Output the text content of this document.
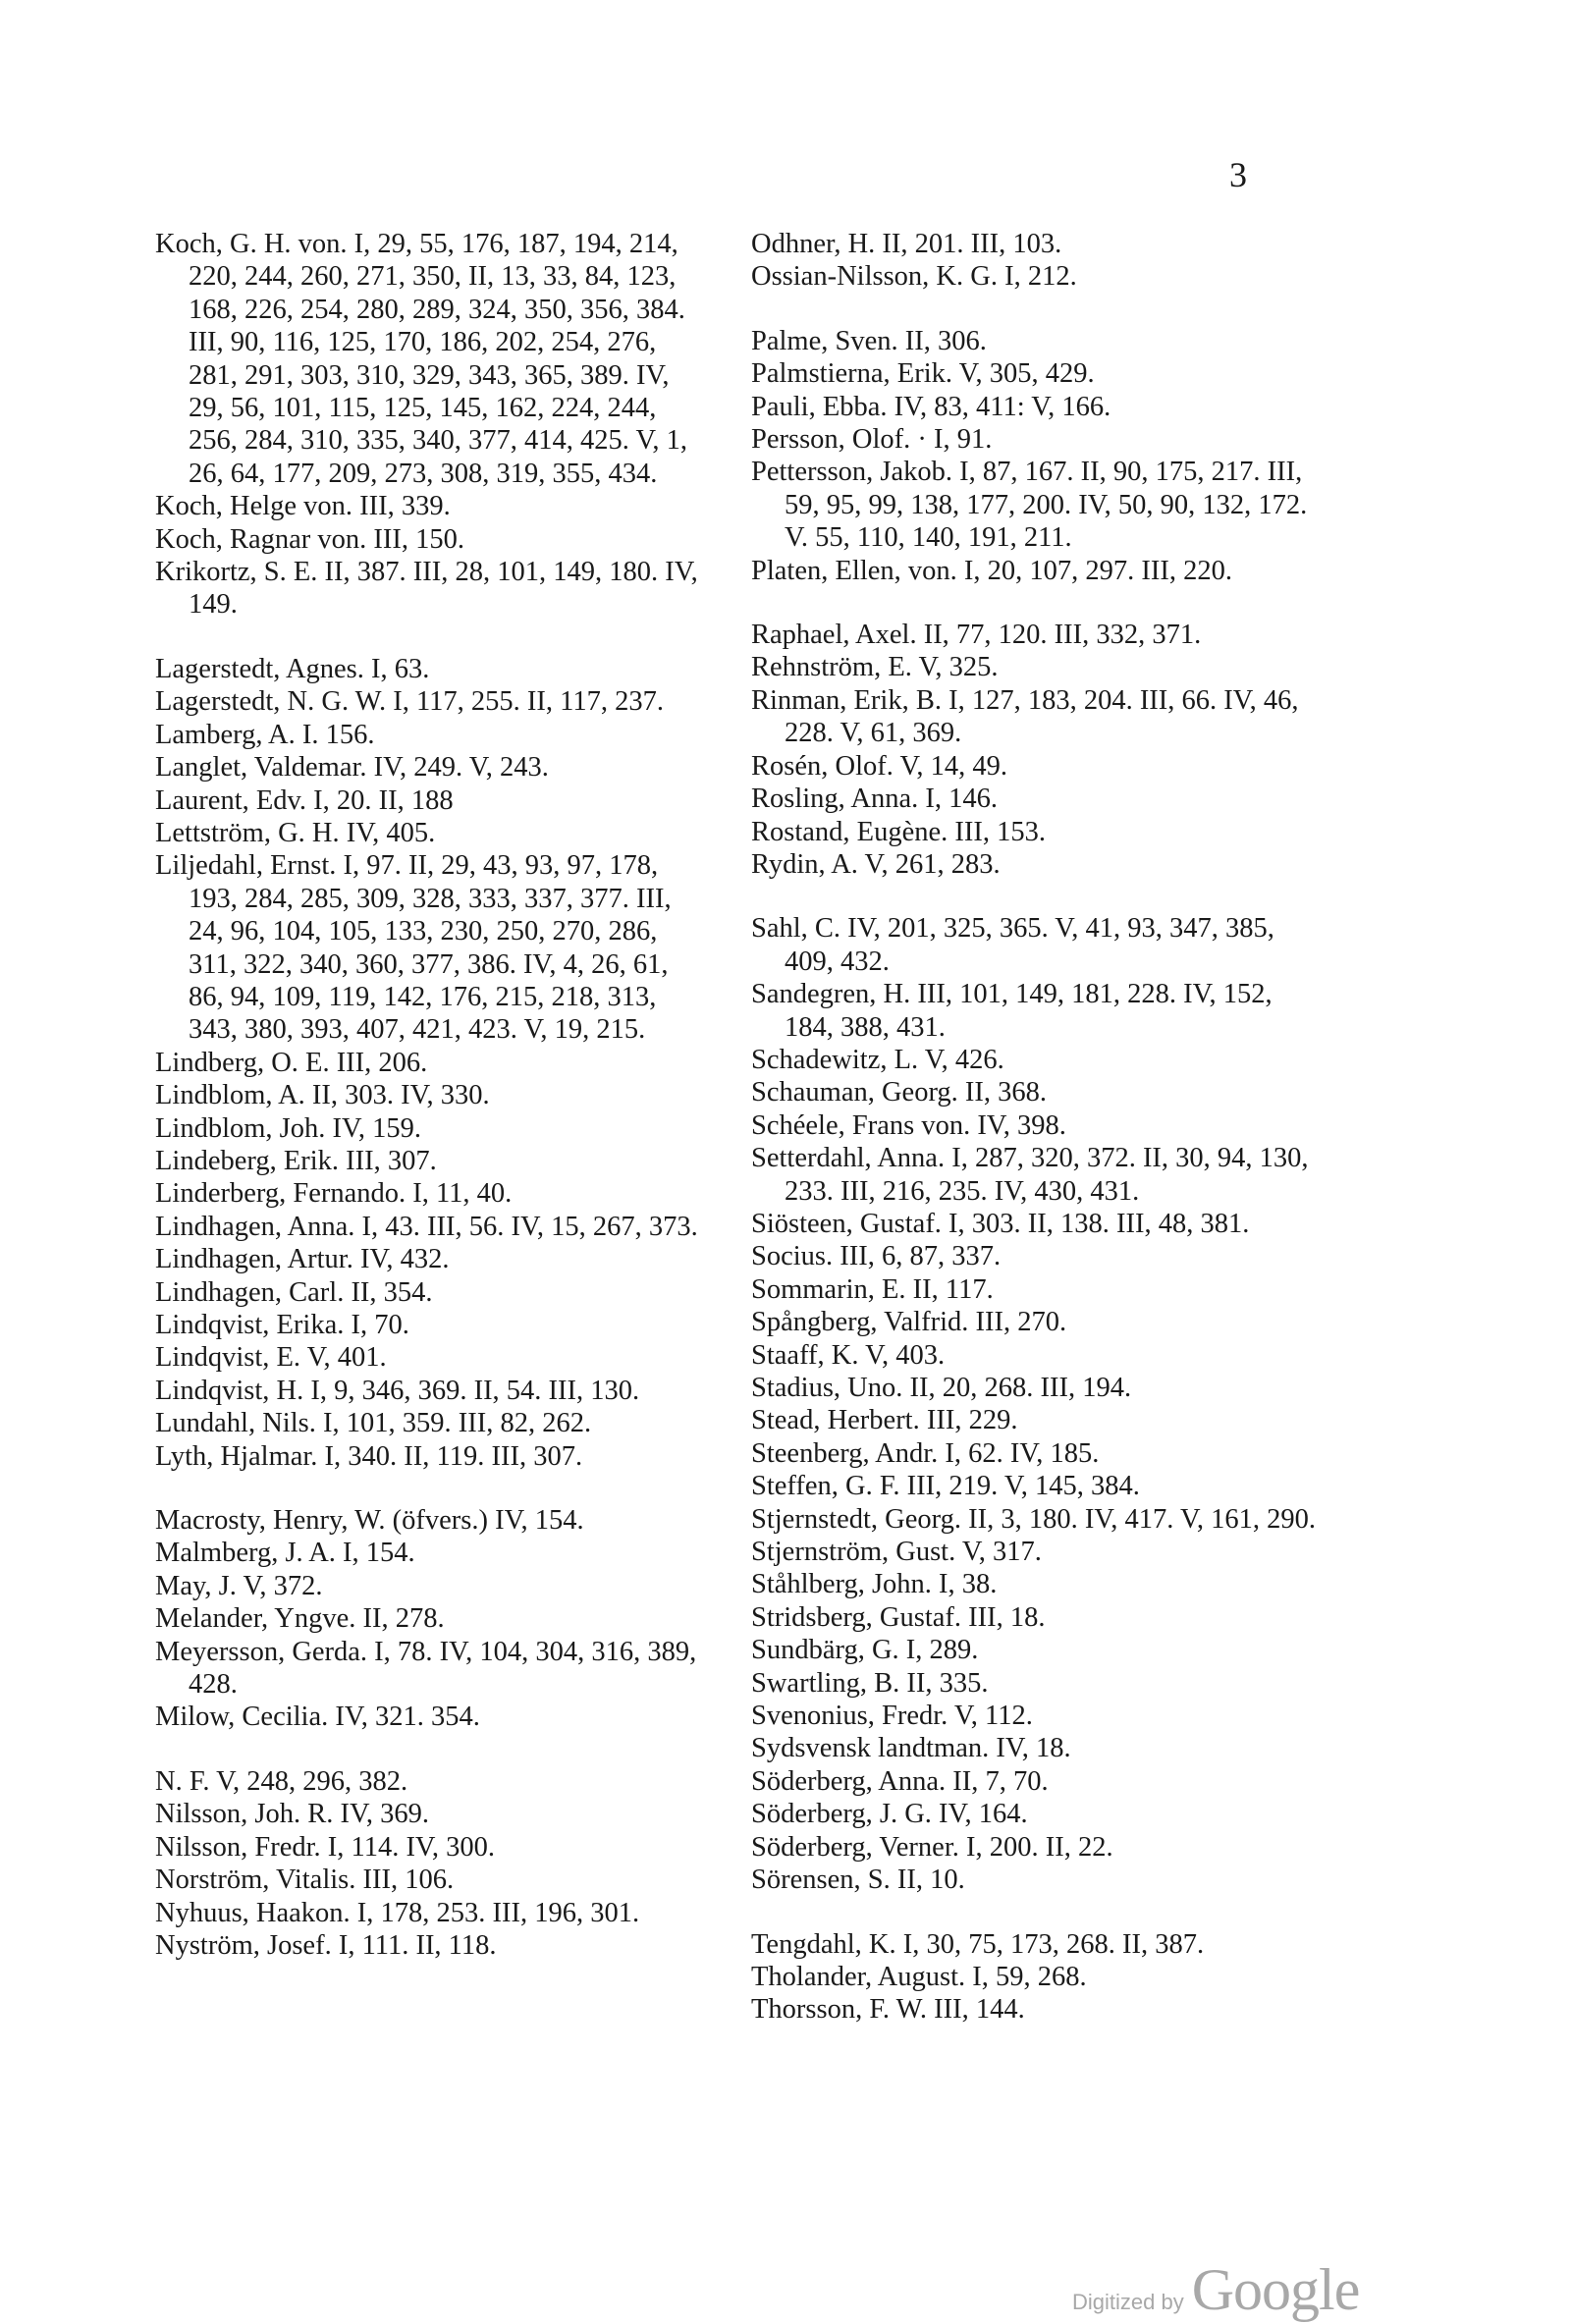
3

Koch, G. H. von. I, 29, 55, 176, 187, 194, 214, 220, 244, 260, 271, 350, II, 13, 33, 84, 123, 168, 226, 254, 280, 289, 324, 350, 356, 384. III, 90, 116, 125, 170, 186, 202, 254, 276, 281, 291, 303, 310, 329, 343, 365, 389. IV, 29, 56, 101, 115, 125, 145, 162, 224, 244, 256, 284, 310, 335, 340, 377, 414, 425. V, 1, 26, 64, 177, 209, 273, 308, 319, 355, 434.

Koch, Helge von. III, 339.

Koch, Ragnar von. III, 150.

Krikortz, S. E. II, 387. III, 28, 101, 149, 180. IV, 149.

Lagerstedt, Agnes. I, 63.

Lagerstedt, N. G. W. I, 117, 255. II, 117, 237.

Lamberg, A. I. 156.

Langlet, Valdemar. IV, 249. V, 243.

Laurent, Edv. I, 20. II, 188

Lettström, G. H. IV, 405.

Liljedahl, Ernst. I, 97. II, 29, 43, 93, 97, 178, 193, 284, 285, 309, 328, 333, 337, 377. III, 24, 96, 104, 105, 133, 230, 250, 270, 286, 311, 322, 340, 360, 377, 386. IV, 4, 26, 61, 86, 94, 109, 119, 142, 176, 215, 218, 313, 343, 380, 393, 407, 421, 423. V, 19, 215.

Lindberg, O. E. III, 206.

Lindblom, A. II, 303. IV, 330.

Lindblom, Joh. IV, 159.

Lindeberg, Erik. III, 307.

Linderberg, Fernando. I, 11, 40.

Lindhagen, Anna. I, 43. III, 56. IV, 15, 267, 373.

Lindhagen, Artur. IV, 432.

Lindhagen, Carl. II, 354.

Lindqvist, Erika. I, 70.

Lindqvist, E. V, 401.

Lindqvist, H. I, 9, 346, 369. II, 54. III, 130.

Lundahl, Nils. I, 101, 359. III, 82, 262.

Lyth, Hjalmar. I, 340. II, 119. III, 307.

Macrosty, Henry, W. (öfvers.) IV, 154.

Malmberg, J. A. I, 154.

May, J. V, 372.

Melander, Yngve. II, 278.

Meyersson, Gerda. I, 78. IV, 104, 304, 316, 389, 428.

Milow, Cecilia. IV, 321. 354.

N. F. V, 248, 296, 382.

Nilsson, Joh. R. IV, 369.

Nilsson, Fredr. I, 114. IV, 300.

Norström, Vitalis. III, 106.

Nyhuus, Haakon. I, 178, 253. III, 196, 301.

Nyström, Josef. I, 111. II, 118.

Odhner, H. II, 201. III, 103.

Ossian-Nilsson, K. G. I, 212.

Palme, Sven. II, 306.

Palmstierna, Erik. V, 305, 429.

Pauli, Ebba. IV, 83, 411: V, 166.

Persson, Olof. · I, 91.

Pettersson, Jakob. I, 87, 167. II, 90, 175, 217. III, 59, 95, 99, 138, 177, 200. IV, 50, 90, 132, 172. V. 55, 110, 140, 191, 211.

Platen, Ellen, von. I, 20, 107, 297. III, 220.

Raphael, Axel. II, 77, 120. III, 332, 371.

Rehnström, E. V, 325.

Rinman, Erik, B. I, 127, 183, 204. III, 66. IV, 46, 228. V, 61, 369.

Rosén, Olof. V, 14, 49.

Rosling, Anna. I, 146.

Rostand, Eugène. III, 153.

Rydin, A. V, 261, 283.

Sahl, C. IV, 201, 325, 365. V, 41, 93, 347, 385, 409, 432.

Sandegren, H. III, 101, 149, 181, 228. IV, 152, 184, 388, 431.

Schadewitz, L. V, 426.

Schauman, Georg. II, 368.

Schéele, Frans von. IV, 398.

Setterdahl, Anna. I, 287, 320, 372. II, 30, 94, 130, 233. III, 216, 235. IV, 430, 431.

Siösteen, Gustaf. I, 303. II, 138. III, 48, 381.

Socius. III, 6, 87, 337.

Sommarin, E. II, 117.

Spångberg, Valfrid. III, 270.

Staaff, K. V, 403.

Stadius, Uno. II, 20, 268. III, 194.

Stead, Herbert. III, 229.

Steenberg, Andr. I, 62. IV, 185.

Steffen, G. F. III, 219. V, 145, 384.

Stjernstedt, Georg. II, 3, 180. IV, 417. V, 161, 290.

Stjernström, Gust. V, 317.

Ståhlberg, John. I, 38.

Stridsberg, Gustaf. III, 18.

Sundbärg, G. I, 289.

Swartling, B. II, 335.

Svenonius, Fredr. V, 112.

Sydsvensk landtman. IV, 18.

Söderberg, Anna. II, 7, 70.

Söderberg, J. G. IV, 164.

Söderberg, Verner. I, 200. II, 22.

Sörensen, S. II, 10.

Tengdahl, K. I, 30, 75, 173, 268. II, 387.

Tholander, August. I, 59, 268.

Thorsson, F. W. III, 144.

Digitized by Google
